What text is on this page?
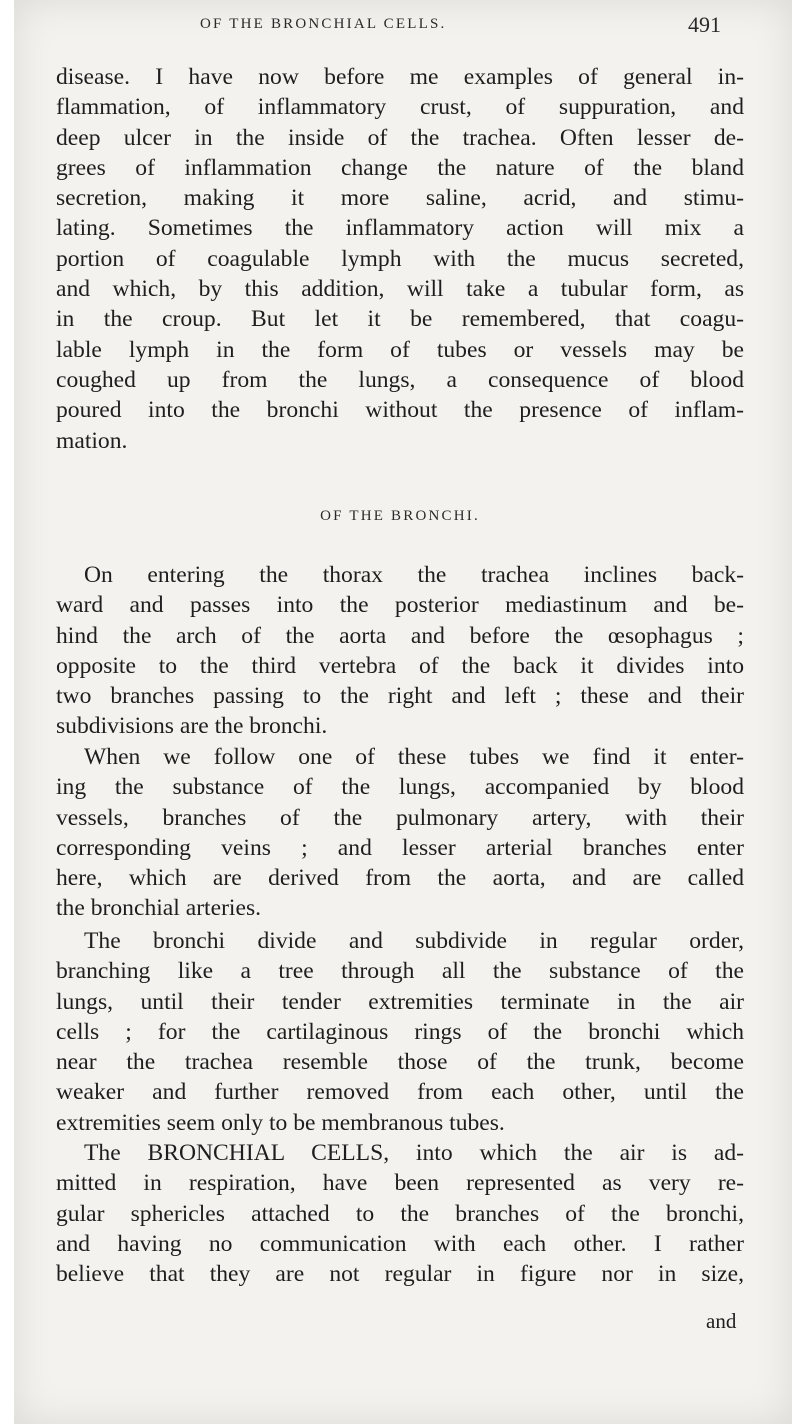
OF THE BRONCHIAL CELLS.	491
disease. I have now before me examples of general in-
flammation, of inflammatory crust, of suppuration, and
deep ulcer in the inside of the trachea. Often lesser de-
grees of inflammation change the nature of the bland
secretion, making it more saline, acrid, and stimu-
lating. Sometimes the inflammatory action will mix a
portion of coagulable lymph with the mucus secreted,
and which, by this addition, will take a tubular form, as
in the croup. But let it be remembered, that coagu-
lable lymph in the form of tubes or vessels may be
coughed up from the lungs, a consequence of blood
poured into the bronchi without the presence of inflam-
mation.
OF THE BRONCHI.
On entering the thorax the trachea inclines back-
ward and passes into the posterior mediastinum and be-
hind the arch of the aorta and before the œsophagus ;
opposite to the third vertebra of the back it divides into
two branches passing to the right and left ; these and their
subdivisions are the bronchi.
When we follow one of these tubes we find it enter-
ing the substance of the lungs, accompanied by blood
vessels, branches of the pulmonary artery, with their
corresponding veins ; and lesser arterial branches enter
here, which are derived from the aorta, and are called
the bronchial arteries.
The bronchi divide and subdivide in regular order,
branching like a tree through all the substance of the
lungs, until their tender extremities terminate in the air
cells ; for the cartilaginous rings of the bronchi which
near the trachea resemble those of the trunk, become
weaker and further removed from each other, until the
extremities seem only to be membranous tubes.
The BRONCHIAL CELLS, into which the air is ad-
mitted in respiration, have been represented as very re-
gular sphericles attached to the branches of the bronchi,
and having no communication with each other. I rather
believe that they are not regular in figure nor in size,
and
